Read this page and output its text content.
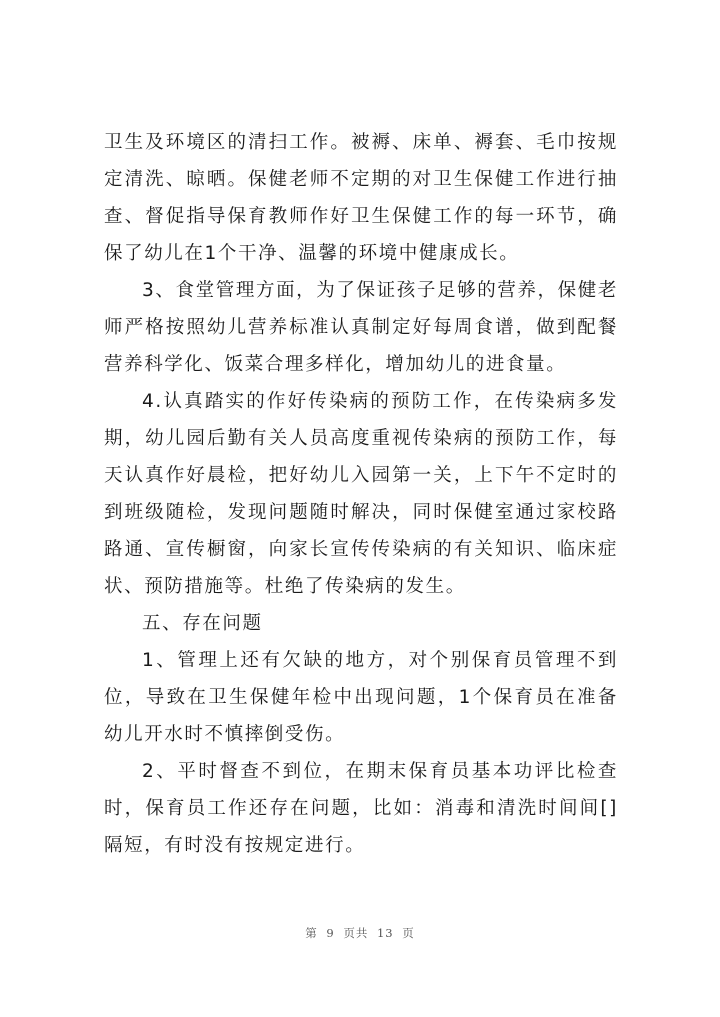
卫生及环境区的清扫工作。被褥、床单、褥套、毛巾按规定清洗、晾晒。保健老师不定期的对卫生保健工作进行抽查、督促指导保育教师作好卫生保健工作的每一环节，确保了幼儿在1个干净、温馨的环境中健康成长。

3、食堂管理方面，为了保证孩子足够的营养，保健老师严格按照幼儿营养标准认真制定好每周食谱，做到配餐营养科学化、饭菜合理多样化，增加幼儿的进食量。

4.认真踏实的作好传染病的预防工作，在传染病多发期，幼儿园后勤有关人员高度重视传染病的预防工作，每天认真作好晨检，把好幼儿入园第一关，上下午不定时的到班级随检，发现问题随时解决，同时保健室通过家校路路通、宣传橱窗，向家长宣传传染病的有关知识、临床症状、预防措施等。杜绝了传染病的发生。

五、存在问题

1、管理上还有欠缺的地方，对个别保育员管理不到位，导致在卫生保健年检中出现问题，1个保育员在准备幼儿开水时不慎摔倒受伤。

2、平时督查不到位，在期末保育员基本功评比检查时，保育员工作还存在问题，比如：消毒和清洗时间间[]隔短，有时没有按规定进行。

第 9 页共 13 页
